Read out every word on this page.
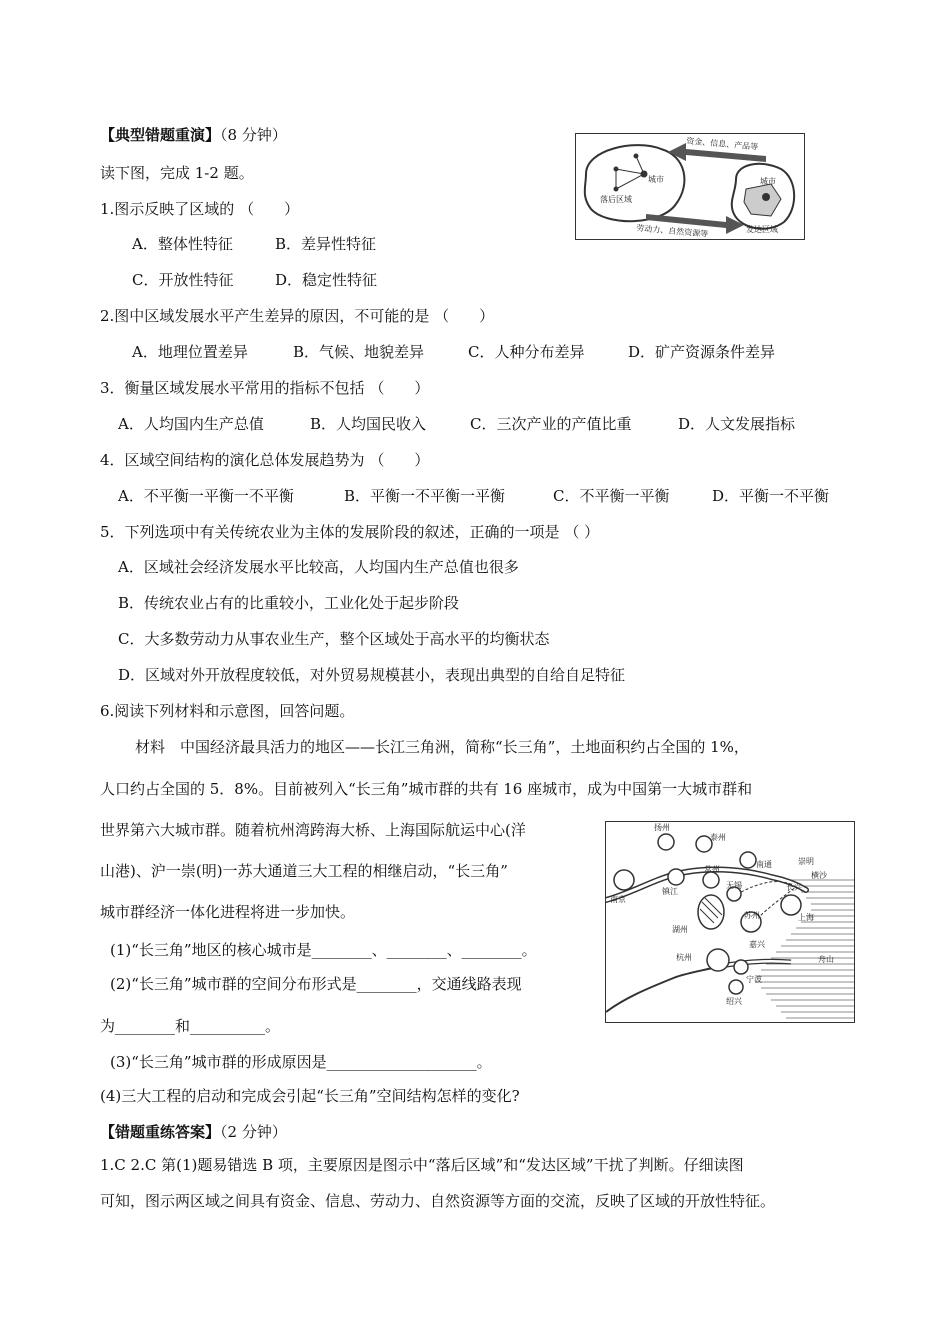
【典型错题重演】（8 分钟）
读下图，完成 1-2 题。	城市
落后区域
城市
发达区域
资金、信息、产品等
劳动力、自然资源等
1.图示反映了区域的 （　　）
A．整体性特征	B．差异性特征
C．开放性特征	D．稳定性特征
2.图中区域发展水平产生差异的原因，不可能的是 （　　）
A．地理位置差异	B．气候、地貌差异	C．人种分布差异	D．矿产资源条件差异
3．衡量区域发展水平常用的指标不包括 （　　）
A．人均国内生产总值	B．人均国民收入	C．三次产业的产值比重	D．人文发展指标
4．区域空间结构的演化总体发展趋势为 （　　）
A．不平衡一平衡一不平衡	B．平衡一不平衡一平衡	C．不平衡一平衡	D．平衡一不平衡
5．下列选项中有关传统农业为主体的发展阶段的叙述，正确的一项是 （ ）
A．区域社会经济发展水平比较高，人均国内生产总值也很多
B．传统农业占有的比重较小，工业化处于起步阶段
C．大多数劳动力从事农业生产，整个区域处于高水平的均衡状态
D．区域对外开放程度较低，对外贸易规模甚小，表现出典型的自给自足特征
6.阅读下列材料和示意图，回答问题。
材料　中国经济最具活力的地区——长江三角洲，简称“长三角”，土地面积约占全国的 1%，
人口约占全国的 5．8%。目前被列入“长三角”城市群的共有 16 座城市，成为中国第一大城市群和
世界第六大城市群。随着杭州湾跨海大桥、上海国际航运中心(洋
山港)、沪一崇(明)一苏大通道三大工程的相继启动，“长三角”
城市群经济一体化进程将进一步加快。
(1)“长三角”地区的核心城市是________、________、________。
(2)“长三角”城市群的空间分布形式是________，交通线路表现
为________和__________。
(3)“长三角”城市群的形成原因是____________________。
(4)三大工程的启动和完成会引起“长三角”空间结构怎样的变化?
扬州
泰州
南通	崇明
横沙
南京
镇江
常州
无锡	长兴
上海
湖州
苏州
嘉兴
杭州
宁波
舟山
绍兴
【错题重练答案】（2 分钟）
1.C 2.C 第(1)题易错选 B 项，主要原因是图示中“落后区域”和“发达区域”干扰了判断。仔细读图
可知，图示两区域之间具有资金、信息、劳动力、自然资源等方面的交流，反映了区域的开放性特征。
